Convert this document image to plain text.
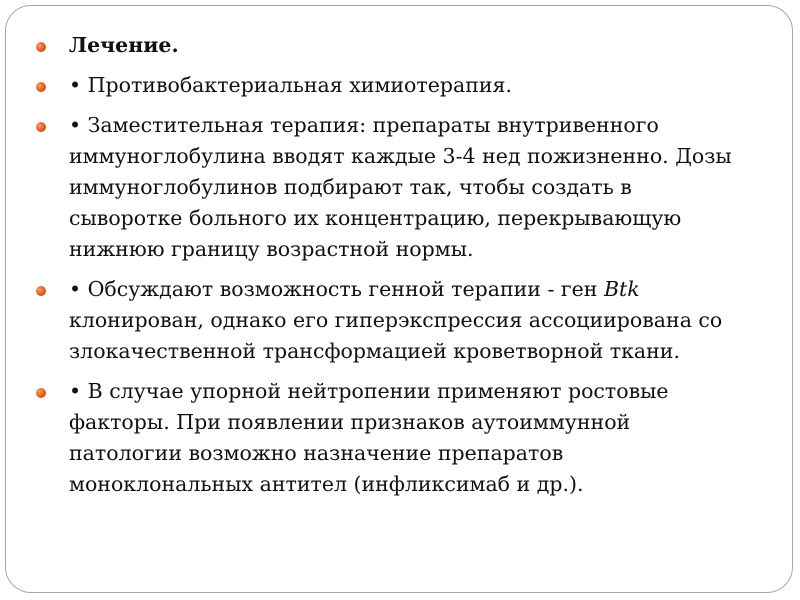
Лечение.
• Противобактериальная химиотерапия.
• Заместительная терапия: препараты внутривенного иммуноглобулина вводят каждые 3-4 нед пожизненно. Дозы иммуноглобулинов подбирают так, чтобы создать в сыворотке больного их концентрацию, перекрывающую нижнюю границу возрастной нормы.
• Обсуждают возможность генной терапии - ген Btk клонирован, однако его гиперэкспрессия ассоциирована со злокачественной трансформацией кроветворной ткани.
• В случае упорной нейтропении применяют ростовые факторы. При появлении признаков аутоиммунной патологии возможно назначение препаратов моноклональных антител (инфликсимаб и др.).
